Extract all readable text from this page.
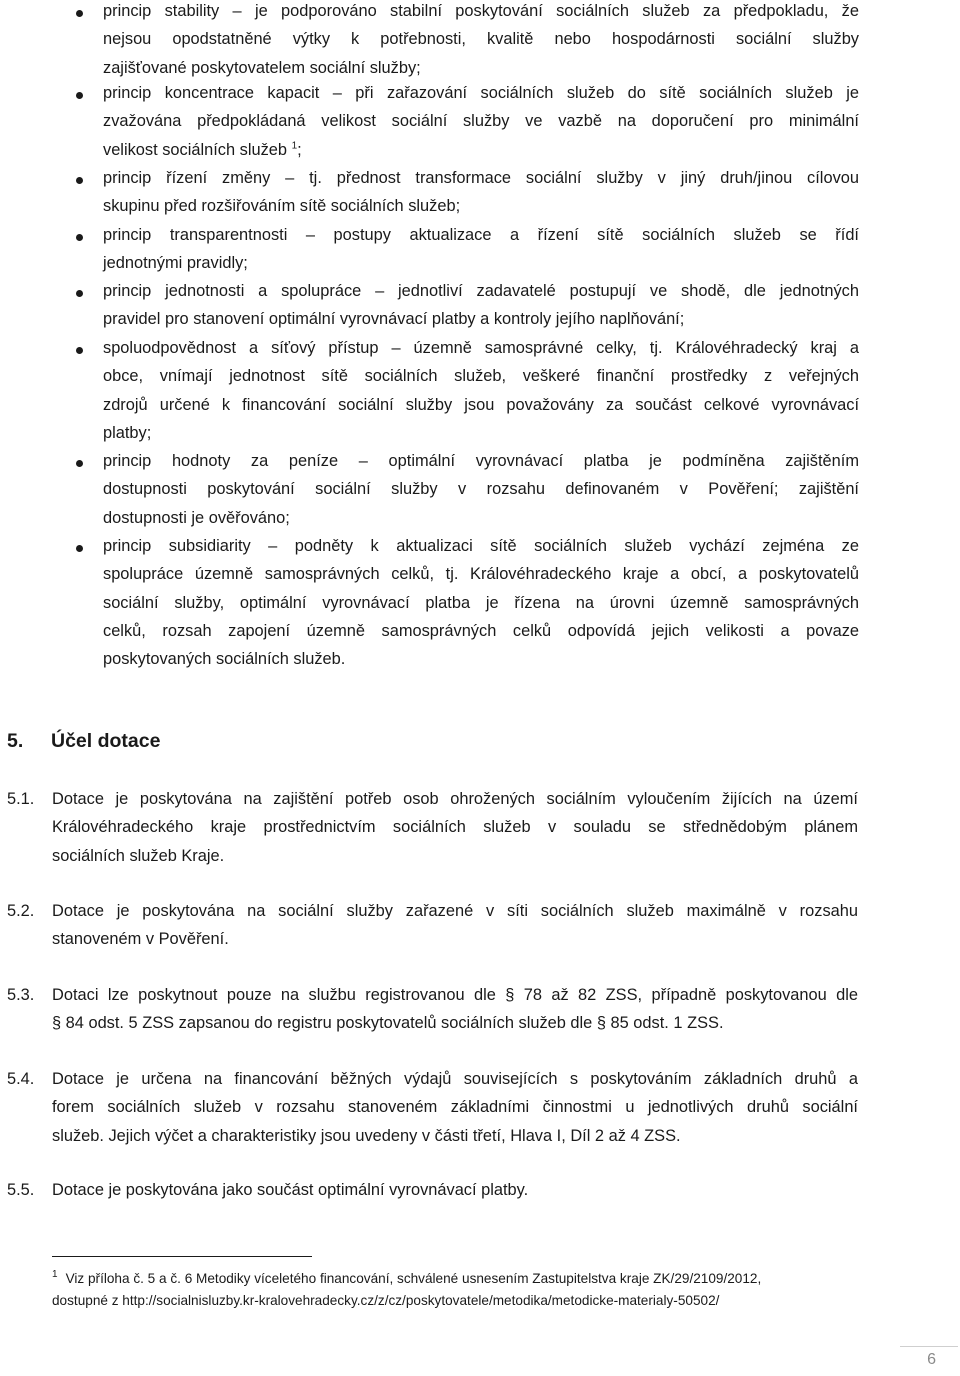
princip stability – je podporováno stabilní poskytování sociálních služeb za předpokladu, že
nejsou opodstatněné výtky k potřebnosti, kvalitě nebo hospodárnosti sociální služby
zajišťované poskytovatelem sociální služby;
princip koncentrace kapacit – při zařazování sociálních služeb do sítě sociálních služeb je
zvažována předpokládaná velikost sociální služby ve vazbě na doporučení pro minimální
velikost sociálních služeb $^1$;
princip řízení změny – tj. přednost transformace sociální služby v jiný druh/jinou cílovou
skupinu před rozšiřováním sítě sociálních služeb;
princip transparentnosti – postupy aktualizace a řízení sítě sociálních služeb se řídí
jednotnými pravidly;
princip jednotnosti a spolupráce – jednotliví zadavatelé postupují ve shodě, dle jednotných
pravidel pro stanovení optimální vyrovnávací platby a kontroly jejího naplňování;
spoluodpovědnost a síťový přístup – územně samosprávné celky, tj. Královéhradecký kraj a
obce, vnímají jednotnost sítě sociálních služeb, veškeré finanční prostředky z veřejných
zdrojů určené k financování sociální služby jsou považovány za součást celkové vyrovnávací
platby;
princip hodnoty za peníze – optimální vyrovnávací platba je podmíněna zajištěním
dostupnosti poskytování sociální služby v rozsahu definovaném v Pověření; zajištění
dostupnosti je ověřováno;
princip subsidiarity – podněty k aktualizaci sítě sociálních služeb vychází zejména ze
spolupráce územně samosprávných celků, tj. Královéhradeckého kraje a obcí, a poskytovatelů
sociální služby, optimální vyrovnávací platba je řízena na úrovni územně samosprávných
celků, rozsah zapojení územně samosprávných celků odpovídá jejich velikosti a povaze
poskytovaných sociálních služeb.
5. Účel dotace
5.1. Dotace je poskytována na zajištění potřeb osob ohrožených sociálním vyloučením žijících na území
Královéhradeckého kraje prostřednictvím sociálních služeb v souladu se střednědobým plánem
sociálních služeb Kraje.
5.2. Dotace je poskytována na sociální služby zařazené v síti sociálních služeb maximálně v rozsahu
stanoveném v Pověření.
5.3. Dotaci lze poskytnout pouze na službu registrovanou dle § 78 až 82 ZSS, případně poskytovanou dle
§ 84 odst. 5 ZSS zapsanou do registru poskytovatelů sociálních služeb dle § 85 odst. 1 ZSS.
5.4. Dotace je určena na financování běžných výdajů souvisejících s poskytováním základních druhů a
forem sociálních služeb v rozsahu stanoveném základními činnostmi u jednotlivých druhů sociální
služeb. Jejich výčet a charakteristiky jsou uvedeny v části třetí, Hlava I, Díl 2 až 4 ZSS.
5.5. Dotace je poskytována jako součást optimální vyrovnávací platby.
$^1$ Viz příloha č. 5 a č. 6 Metodiky víceletého financování, schválené usnesením Zastupitelstva kraje ZK/29/2109/2012,
dostupné z http://socialnisluzby.kr-kralovehradecky.cz/z/cz/poskytovatele/metodika/metodicke-materialy-50502/
6
